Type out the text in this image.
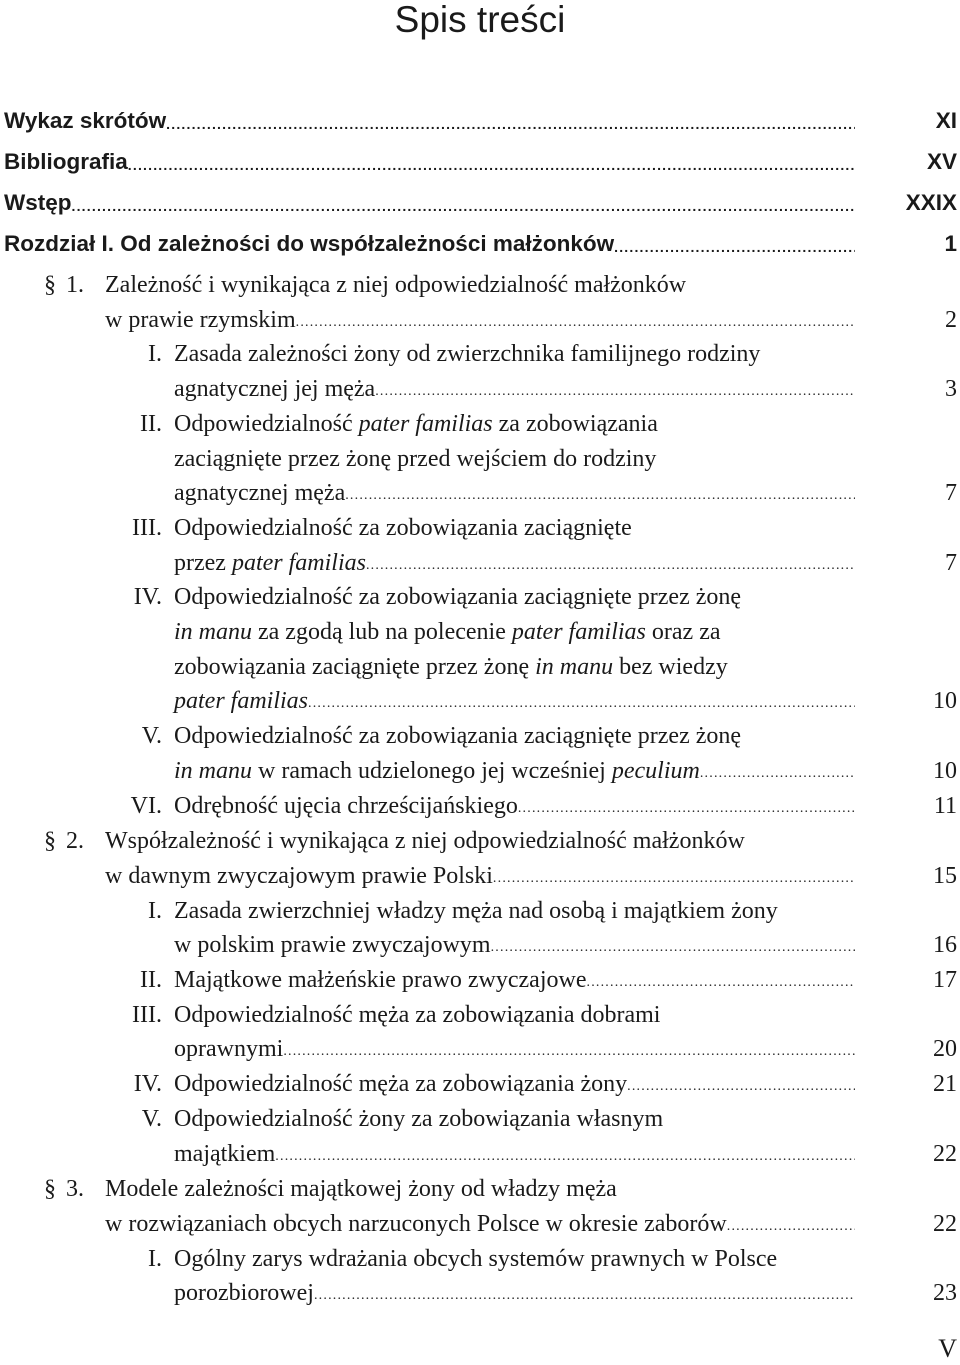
Spis treści
Wykaz skrótów .....	XI
Bibliografia .....	XV
Wstęp .....	XXIX
Rozdział I. Od zależności do współzależności małżonków .....	1
§ 1. Zależność i wynikająca z niej odpowiedzialność małżonków
w prawie rzymskim .....	2
I. Zasada zależności żony od zwierzchnika familijnego rodziny
agnatycznej jej męża .....	3
II. Odpowiedzialność pater familias za zobowiązania
zaciągnięte przez żonę przed wejściem do rodziny
agnatycznej męża .....	7
III. Odpowiedzialność za zobowiązania zaciągnięte
przez pater familias .....	7
IV. Odpowiedzialność za zobowiązania zaciągnięte przez żonę
in manu za zgodą lub na polecenie pater familias oraz za
zobowiązania zaciągnięte przez żonę in manu bez wiedzy
pater familias .....	10
V. Odpowiedzialność za zobowiązania zaciągnięte przez żonę
in manu w ramach udzielonego jej wcześniej peculium .....	10
VI. Odrębność ujęcia chrześcijańskiego .....	11
§ 2. Współzależność i wynikająca z niej odpowiedzialność małżonków
w dawnym zwyczajowym prawie Polski .....	15
I. Zasada zwierzchniej władzy męża nad osobą i majątkiem żony
w polskim prawie zwyczajowym .....	16
II. Majątkowe małżeńskie prawo zwyczajowe .....	17
III. Odpowiedzialność męża za zobowiązania dobrami
oprawnymi .....	20
IV. Odpowiedzialność męża za zobowiązania żony .....	21
V. Odpowiedzialność żony za zobowiązania własnym
majątkiem .....	22
§ 3. Modele zależności majątkowej żony od władzy męża
w rozwiązaniach obcych narzuconych Polsce w okresie zaborów .....	22
I. Ogólny zarys wdrażania obcych systemów prawnych w Polsce
porozbiorowej .....	23
V
